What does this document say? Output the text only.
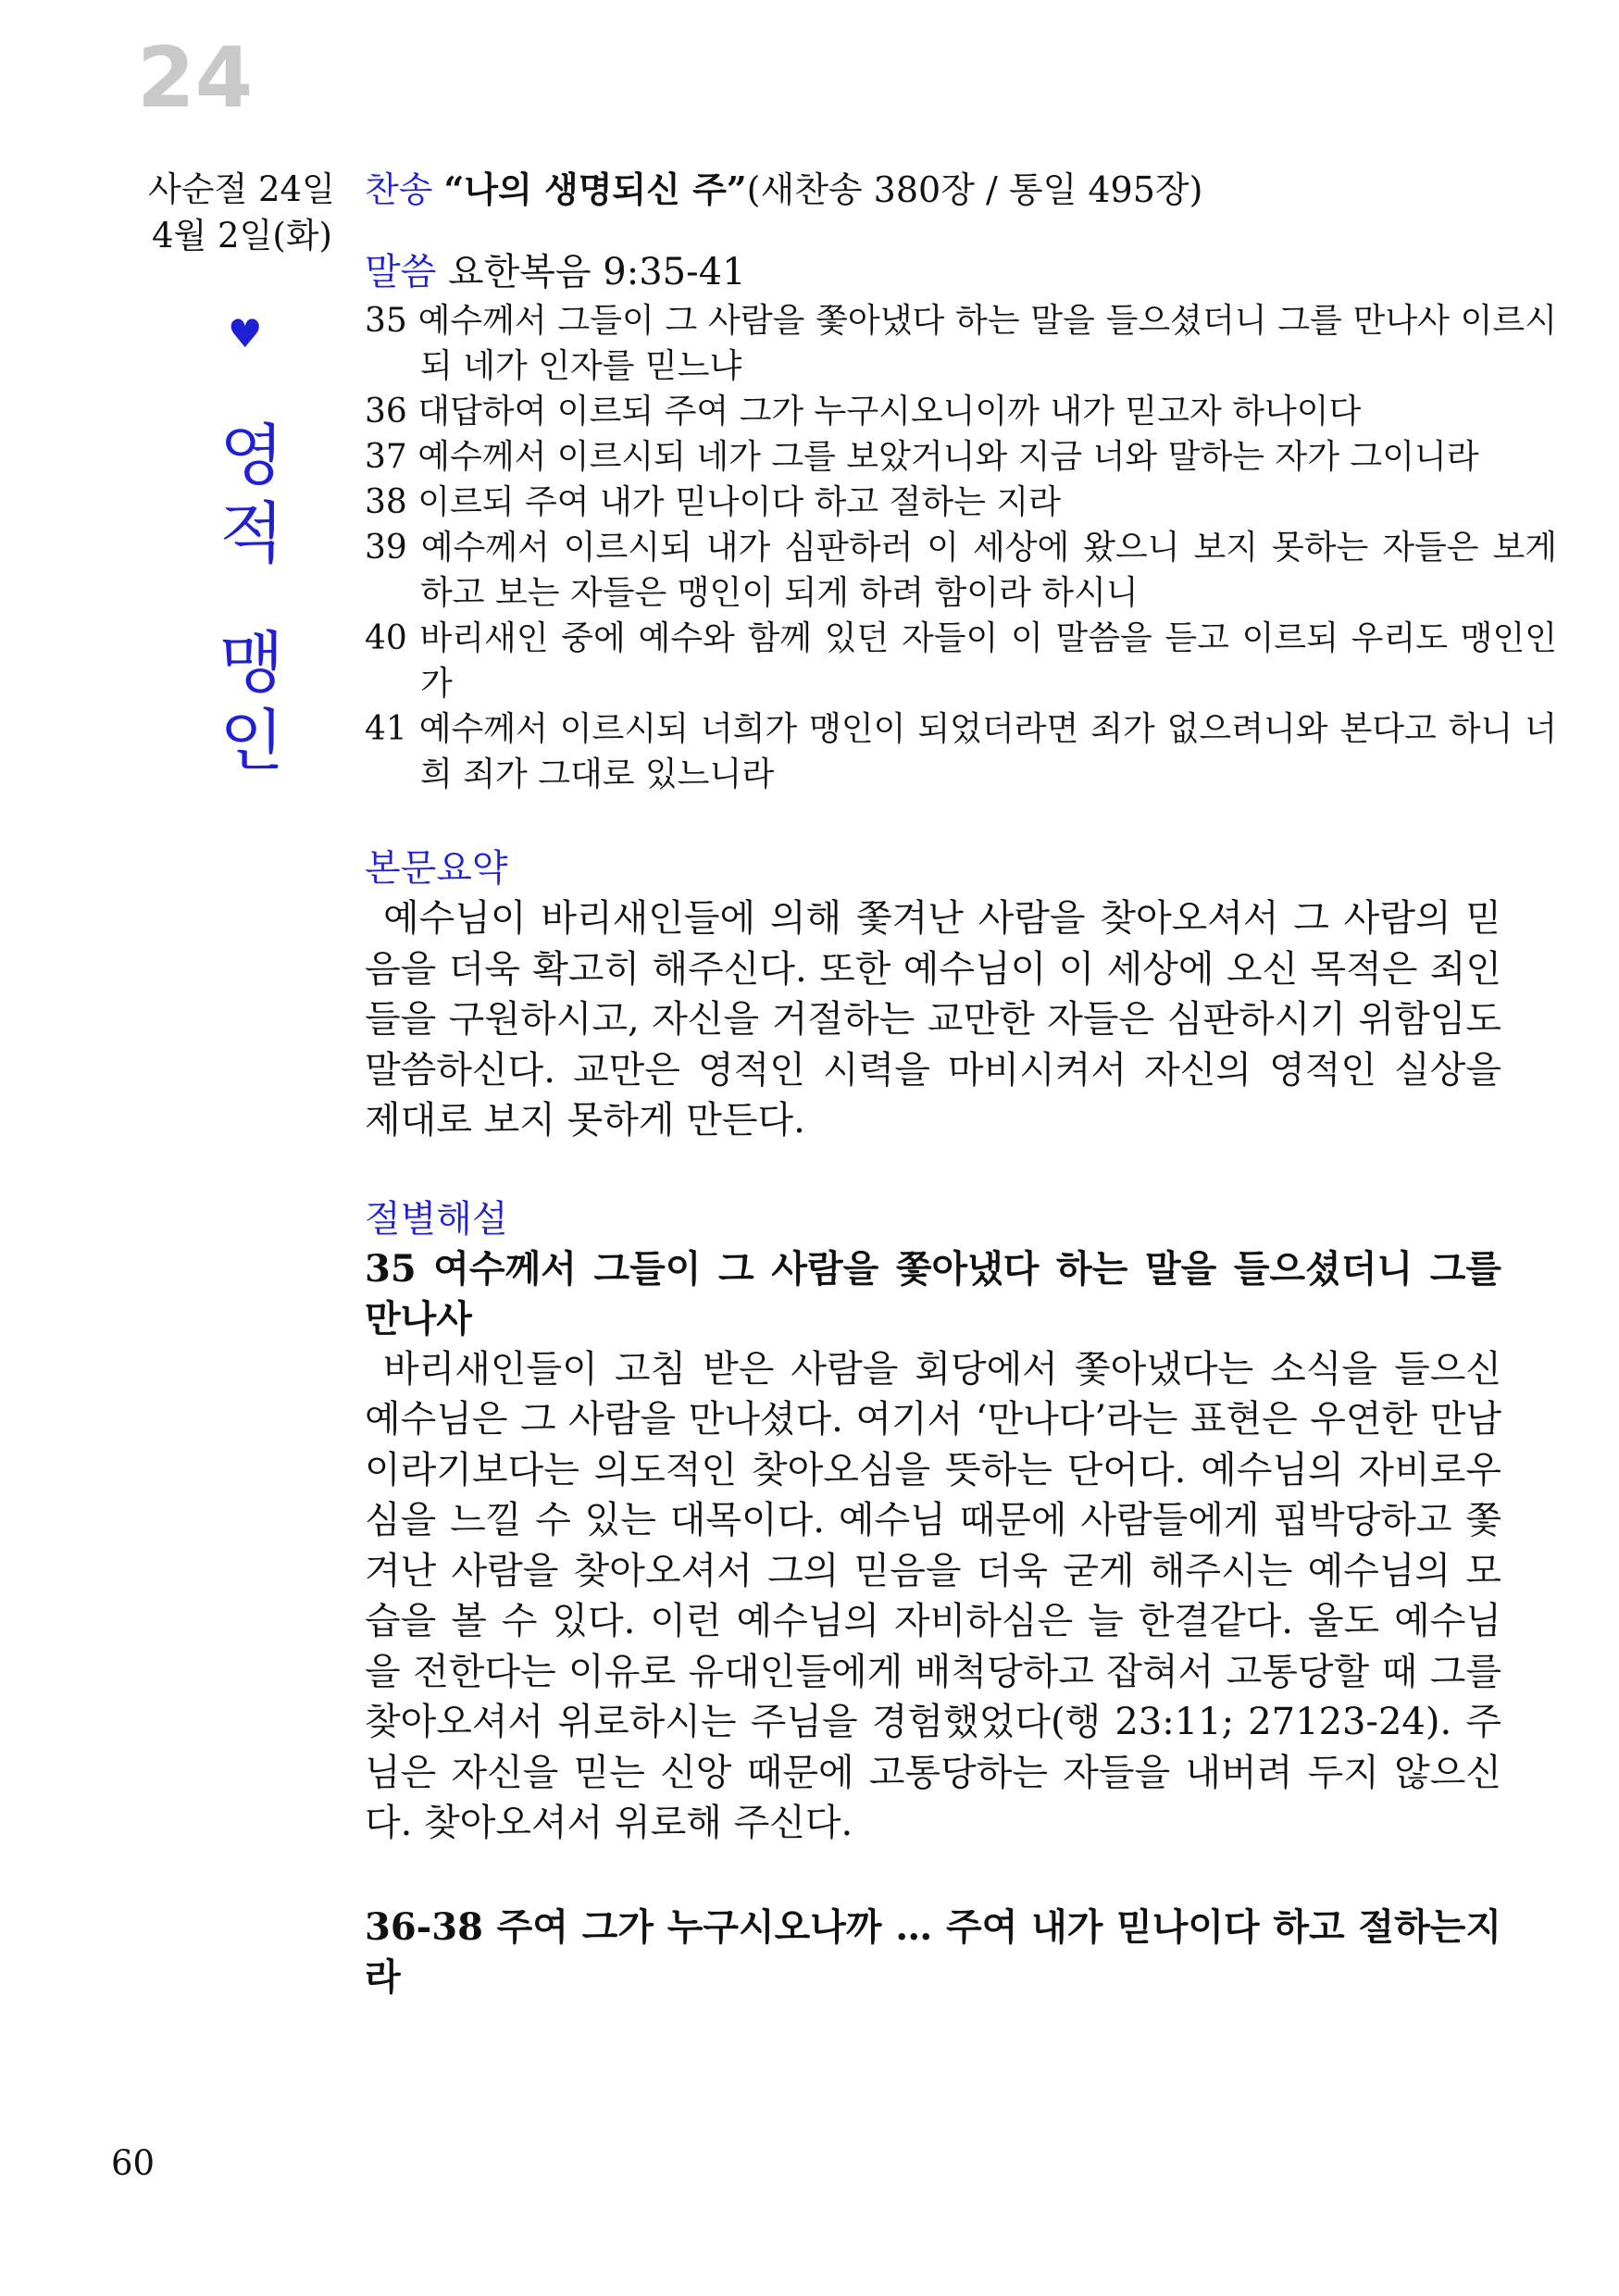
24
사순절 24일
4월 2일(화)
♥
영
적
맹
인
찬송 “나의 생명되신 주”(새찬송 380장 / 통일 495장)
말씀 요한복음 9:35-41
35 예수께서 그들이 그 사람을 쫓아냈다 하는 말을 들으셨더니 그를 만나사 이르시되 네가 인자를 믿느냐
36 대답하여 이르되 주여 그가 누구시오니이까 내가 믿고자 하나이다
37 예수께서 이르시되 네가 그를 보았거니와 지금 너와 말하는 자가 그이니라
38 이르되 주여 내가 믿나이다 하고 절하는 지라
39 예수께서 이르시되 내가 심판하러 이 세상에 왔으니 보지 못하는 자들은 보게 하고 보는 자들은 맹인이 되게 하려 함이라 하시니
40 바리새인 중에 예수와 함께 있던 자들이 이 말씀을 듣고 이르되 우리도 맹인인가
41 예수께서 이르시되 너희가 맹인이 되었더라면 죄가 없으려니와 본다고 하니 너희 죄가 그대로 있느니라
본문요약
예수님이 바리새인들에 의해 쫓겨난 사람을 찾아오셔서 그 사람의 믿음을 더욱 확고히 해주신다. 또한 예수님이 이 세상에 오신 목적은 죄인들을 구원하시고, 자신을 거절하는 교만한 자들은 심판하시기 위함임도 말씀하신다. 교만은 영적인 시력을 마비시켜서 자신의 영적인 실상을 제대로 보지 못하게 만든다.
절별해설
35 여수께서 그들이 그 사람을 쫓아냈다 하는 말을 들으셨더니 그를 만나사
바리새인들이 고침 받은 사람을 회당에서 쫓아냈다는 소식을 들으신 예수님은 그 사람을 만나셨다. 여기서 ‘만나다’라는 표현은 우연한 만남이라기보다는 의도적인 찾아오심을 뜻하는 단어다. 예수님의 자비로우심을 느낄 수 있는 대목이다. 예수님 때문에 사람들에게 핍박당하고 쫓겨난 사람을 찾아오셔서 그의 믿음을 더욱 굳게 해주시는 예수님의 모습을 볼 수 있다. 이런 예수님의 자비하심은 늘 한결같다. 울도 예수님을 전한다는 이유로 유대인들에게 배척당하고 잡혀서 고통당할 때 그를 찾아오셔서 위로하시는 주님을 경험했었다(행 23:11; 27123-24). 주님은 자신을 믿는 신앙 때문에 고통당하는 자들을 내버려 두지 않으신다. 찾아오셔서 위로해 주신다.
36-38 주여 그가 누구시오나까 … 주여 내가 믿나이다 하고 절하는지라
60
